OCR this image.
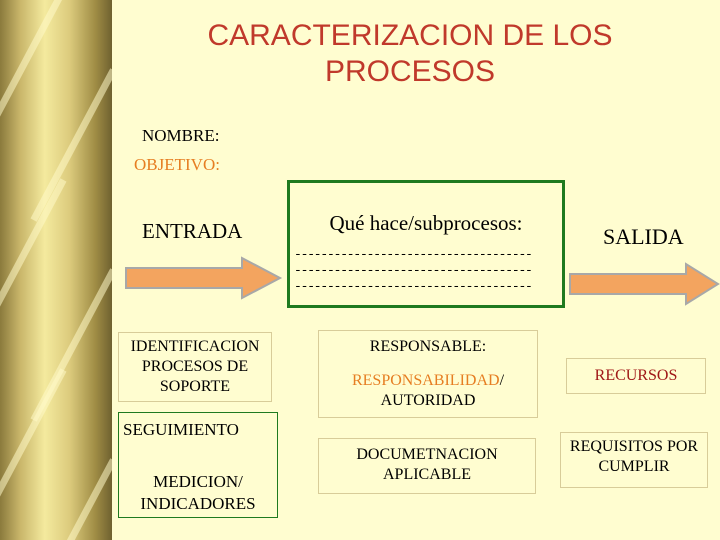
CARACTERIZACION DE LOS PROCESOS
NOMBRE:
OBJETIVO:
ENTRADA	Qué hace/subprocesos:
------------------------------------
------------------------------------
------------------------------------
SALIDA
IDENTIFICACION PROCESOS DE SOPORTE
SEGUIMIENTO
MEDICION/ INDICADORES
RESPONSABLE:
RESPONSABILIDAD/ AUTORIDAD
DOCUMETNACION APLICABLE
RECURSOS
REQUISITOS POR CUMPLIR
